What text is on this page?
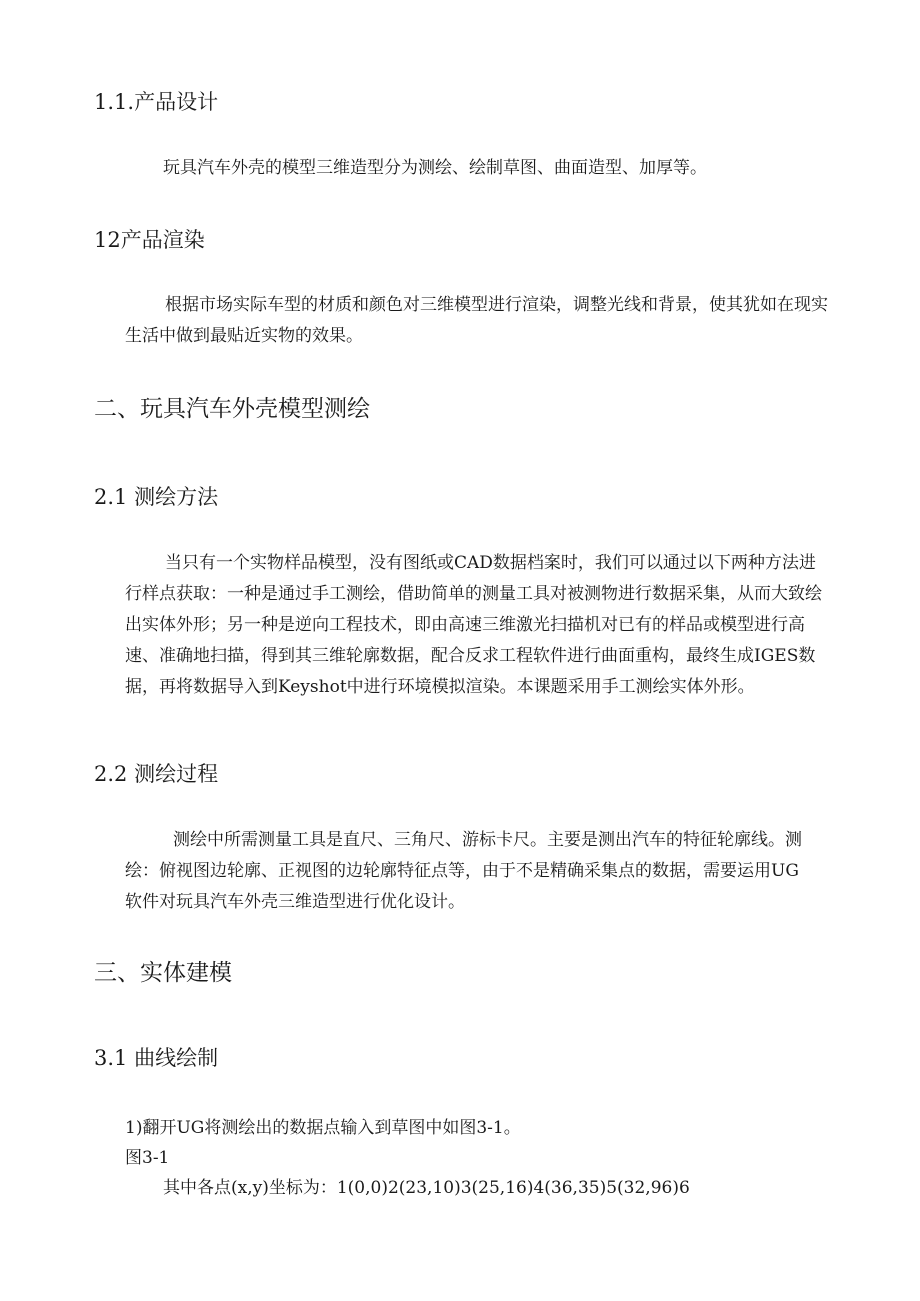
1.1.产品设计

玩具汽车外壳的模型三维造型分为测绘、绘制草图、曲面造型、加厚等。

12产品渲染

根据市场实际车型的材质和颜色对三维模型进行渲染，调整光线和背景，使其犹如在现实生活中做到最贴近实物的效果。

二、玩具汽车外壳模型测绘
2.1 测绘方法

当只有一个实物样品模型，没有图纸或CAD数据档案时，我们可以通过以下两种方法进行样点获取：一种是通过手工测绘，借助简单的测量工具对被测物进行数据采集，从而大致绘出实体外形；另一种是逆向工程技术，即由高速三维激光扫描机对已有的样品或模型进行高速、准确地扫描，得到其三维轮廓数据，配合反求工程软件进行曲面重构，最终生成IGES数据，再将数据导入到Keyshot中进行环境模拟渲染。本课题采用手工测绘实体外形。

2.2 测绘过程

测绘中所需测量工具是直尺、三角尺、游标卡尺。主要是测出汽车的特征轮廓线。测绘：俯视图边轮廓、正视图的边轮廓特征点等，由于不是精确采集点的数据，需要运用UG软件对玩具汽车外壳三维造型进行优化设计。

三、实体建模
3.1 曲线绘制
1)翻开UG将测绘出的数据点输入到草图中如图3-1。
图3-1
其中各点(x,y)坐标为：1(0,0)2(23,10)3(25,16)4(36,35)5(32,96)6
